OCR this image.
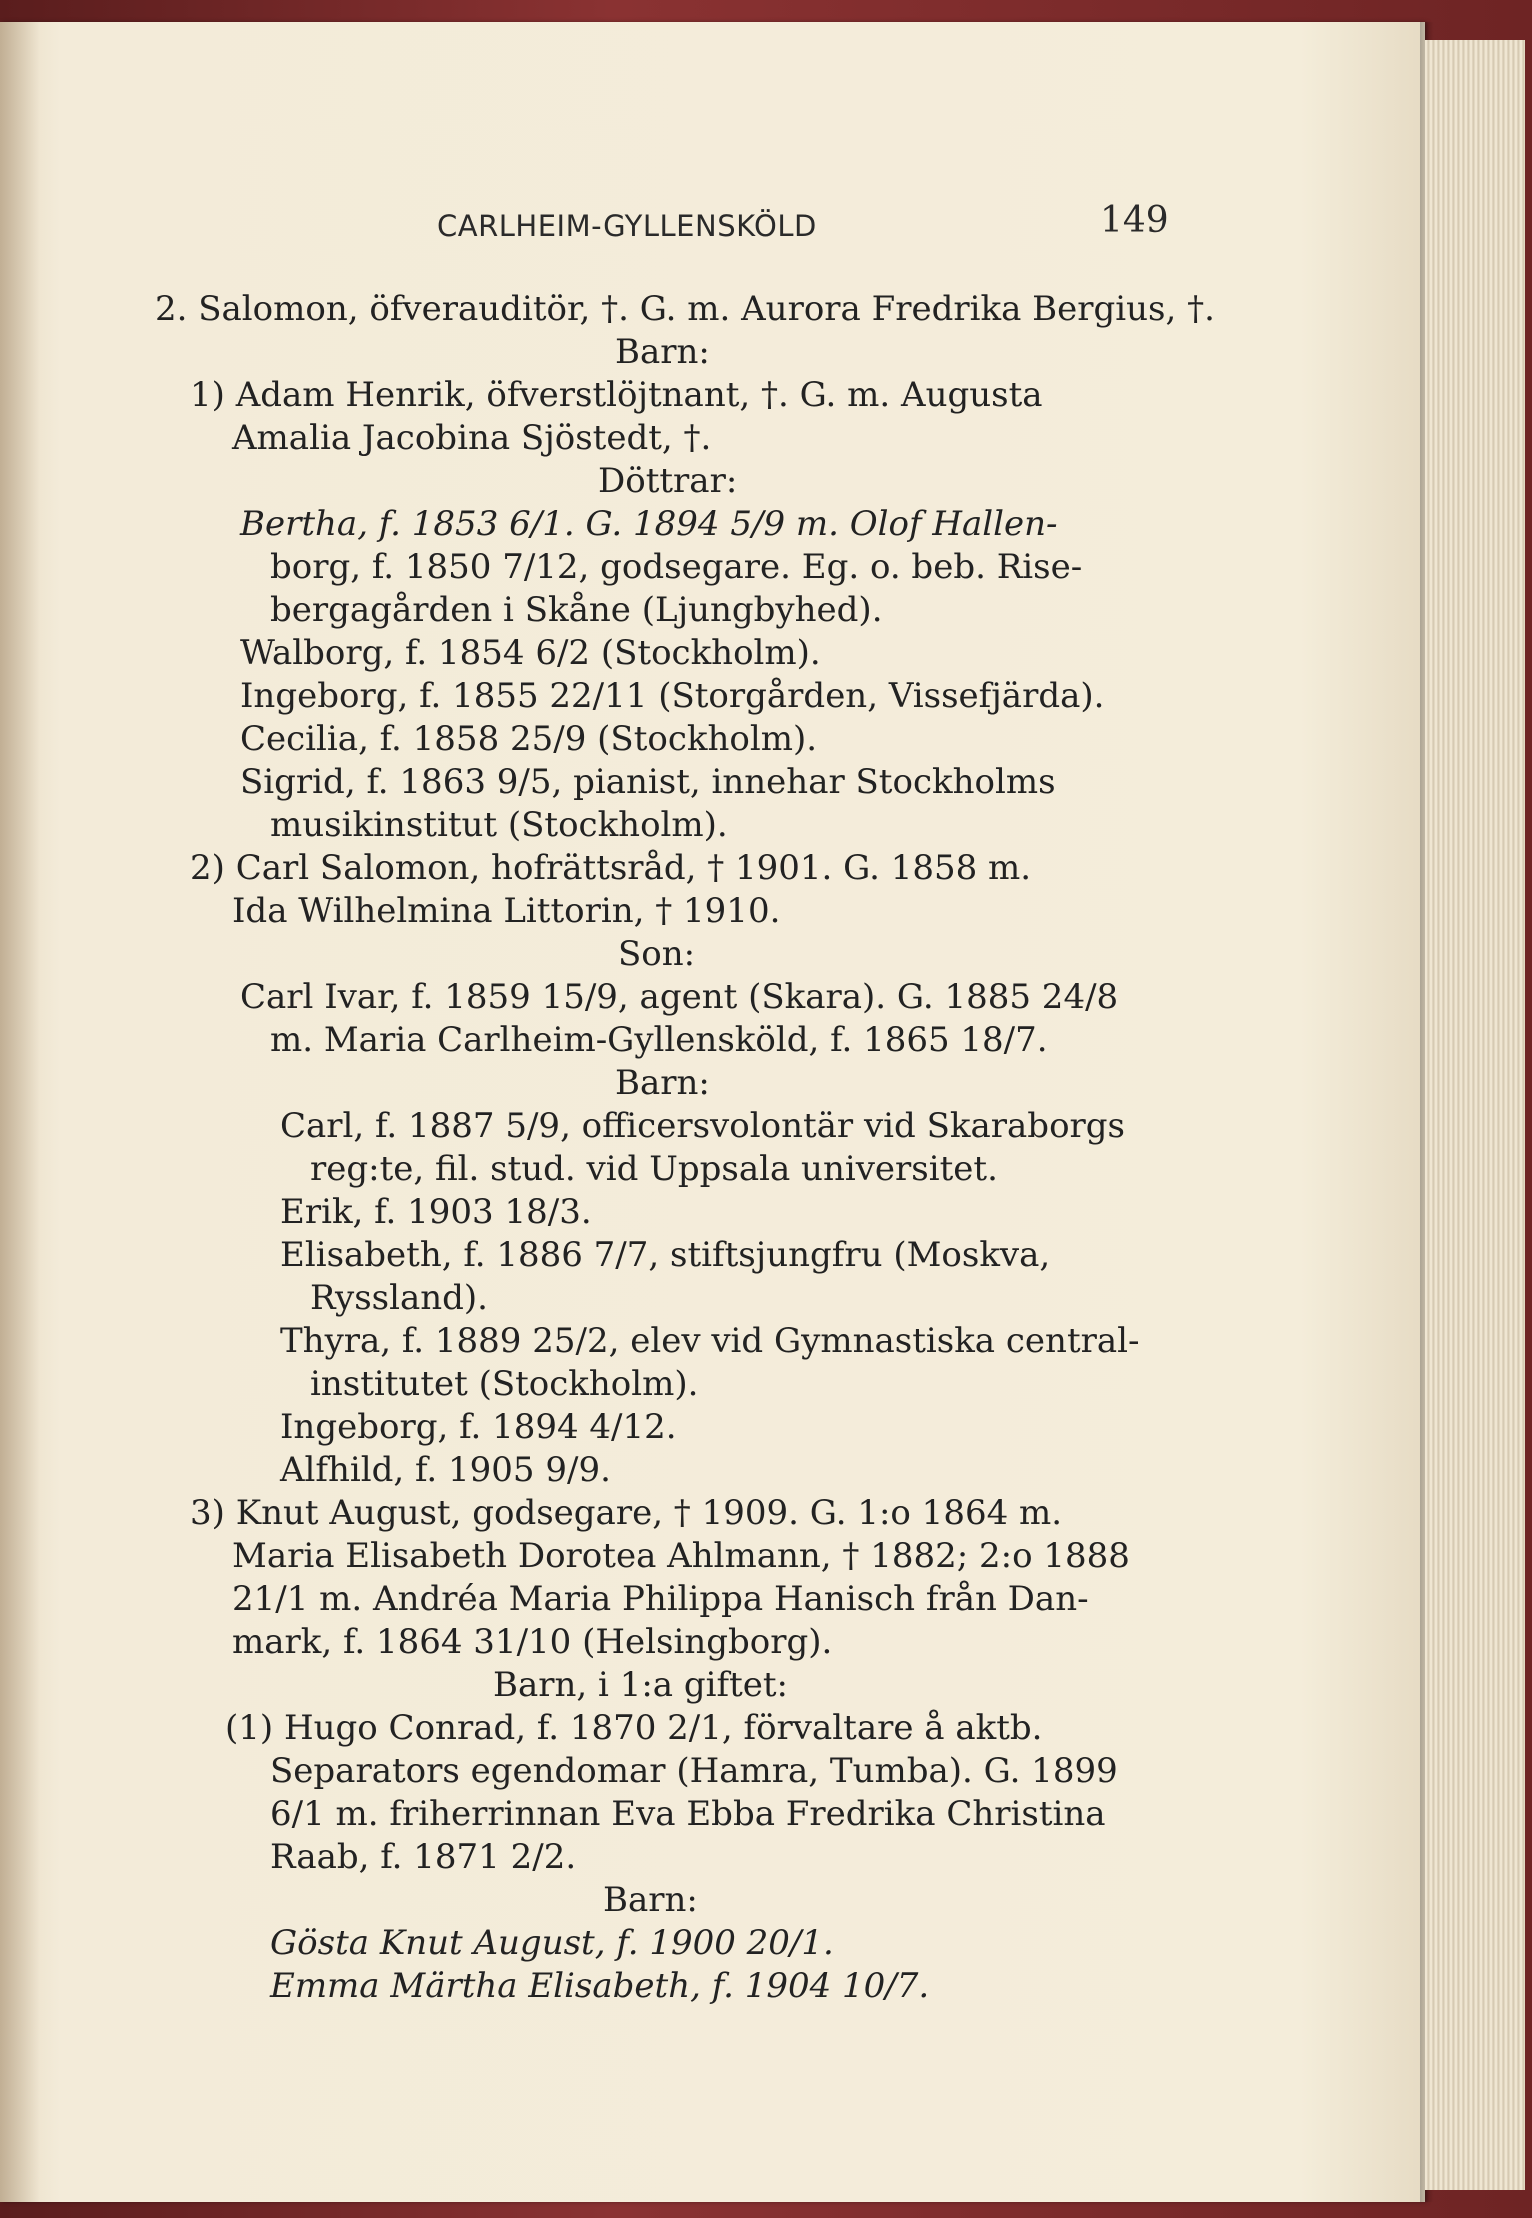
CARLHEIM-GYLLENSKÖLD	149
2. Salomon, öfverauditör, †. G. m. Aurora Fredrika Bergius, †.
Barn:
1) Adam Henrik, öfverstlöjtnant, †. G. m. Augusta
Amalia Jacobina Sjöstedt, †.
Döttrar:
Bertha, f. 1853 6/1. G. 1894 5/9 m. Olof Hallen-
borg, f. 1850 7/12, godsegare. Eg. o. beb. Rise-
bergagården i Skåne (Ljungbyhed).
Walborg, f. 1854 6/2 (Stockholm).
Ingeborg, f. 1855 22/11 (Storgården, Vissefjärda).
Cecilia, f. 1858 25/9 (Stockholm).
Sigrid, f. 1863 9/5, pianist, innehar Stockholms
musikinstitut (Stockholm).
2) Carl Salomon, hofrättsråd, † 1901. G. 1858 m.
Ida Wilhelmina Littorin, † 1910.
Son:
Carl Ivar, f. 1859 15/9, agent (Skara). G. 1885 24/8
m. Maria Carlheim-Gyllensköld, f. 1865 18/7.
Barn:
Carl, f. 1887 5/9, officersvolontär vid Skaraborgs
reg:te, fil. stud. vid Uppsala universitet.
Erik, f. 1903 18/3.
Elisabeth, f. 1886 7/7, stiftsjungfru (Moskva,
Ryssland).
Thyra, f. 1889 25/2, elev vid Gymnastiska central-
institutet (Stockholm).
Ingeborg, f. 1894 4/12.
Alfhild, f. 1905 9/9.
3) Knut August, godsegare, † 1909. G. 1:o 1864 m.
Maria Elisabeth Dorotea Ahlmann, † 1882; 2:o 1888
21/1 m. Andréa Maria Philippa Hanisch från Dan-
mark, f. 1864 31/10 (Helsingborg).
Barn, i 1:a giftet:
(1) Hugo Conrad, f. 1870 2/1, förvaltare å aktb.
Separators egendomar (Hamra, Tumba). G. 1899
6/1 m. friherrinnan Eva Ebba Fredrika Christina
Raab, f. 1871 2/2.
Barn:
Gösta Knut August, f. 1900 20/1.
Emma Märtha Elisabeth, f. 1904 10/7.
